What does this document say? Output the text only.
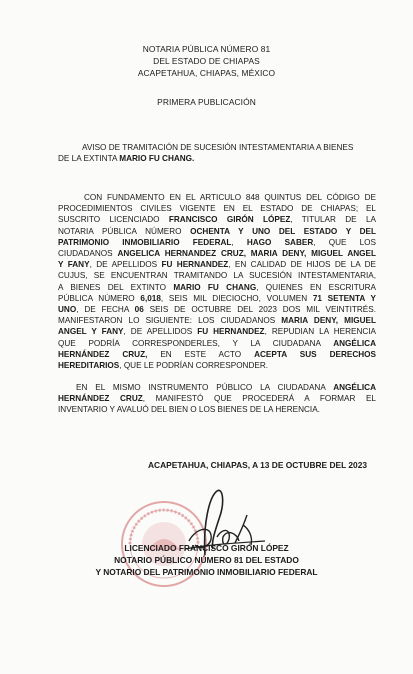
NOTARIA PÚBLICA NÚMERO 81
DEL ESTADO DE CHIAPAS
ACAPETAHUA, CHIAPAS, MÉXICO
PRIMERA PUBLICACIÓN
AVISO DE TRAMITACIÓN DE SUCESIÓN INTESTAMENTARIA A BIENES
DE LA EXTINTA MARIO FU CHANG.
CON FUNDAMENTO EN EL ARTICULO 848 QUINTUS DEL CÓDIGO DE
PROCEDIMIENTOS CIVILES VIGENTE EN EL ESTADO DE CHIAPAS; EL
SUSCRITO LICENCIADO FRANCISCO GIRÓN LÓPEZ, TITULAR DE LA
NOTARIA PÚBLICA NÚMERO OCHENTA Y UNO DEL ESTADO Y DEL
PATRIMONIO INMOBILIARIO FEDERAL, HAGO SABER, QUE LOS
CIUDADANOS ANGELICA HERNANDEZ CRUZ, MARIA DENY, MIGUEL ANGEL
Y FANY, DE APELLIDOS FU HERNANDEZ, EN CALIDAD DE HIJOS DE LA DE
CUJUS, SE ENCUENTRAN TRAMITANDO LA SUCESIÓN INTESTAMENTARIA,
A BIENES DEL EXTINTO MARIO FU CHANG, QUIENES EN ESCRITURA
PÚBLICA NÚMERO 6,018, SEIS MIL DIECIOCHO, VOLUMEN 71 SETENTA Y
UNO, DE FECHA 06 SEIS DE OCTUBRE DEL 2023 DOS MIL VEINTITRÉS.
MANIFESTARON LO SIGUIENTE: LOS CIUDADANOS MARIA DENY, MIGUEL
ANGEL Y FANY, DE APELLIDOS FU HERNANDEZ, REPUDIAN LA HERENCIA
QUE PODRÍA CORRESPONDERLES, Y LA CIUDADANA ANGÉLICA
HERNÁNDEZ CRUZ, EN ESTE ACTO ACEPTA SUS DERECHOS
HEREDITARIOS, QUE LE PODRÍAN CORRESPONDER.
EN EL MISMO INSTRUMENTO PÚBLICO LA CIUDADANA ANGÉLICA
HERNÁNDEZ CRUZ, MANIFESTÓ QUE PROCEDERÁ A FORMAR EL
INVENTARIO Y AVALUÓ DEL BIEN O LOS BIENES DE LA HERENCIA.
ACAPETAHUA, CHIAPAS, A 13 DE OCTUBRE DEL 2023
LICENCIADO FRANCISCO GIRÓN LÓPEZ
NOTARIO PÚBLICO NÚMERO 81 DEL ESTADO
Y NOTARIO DEL PATRIMONIO INMOBILIARIO FEDERAL
